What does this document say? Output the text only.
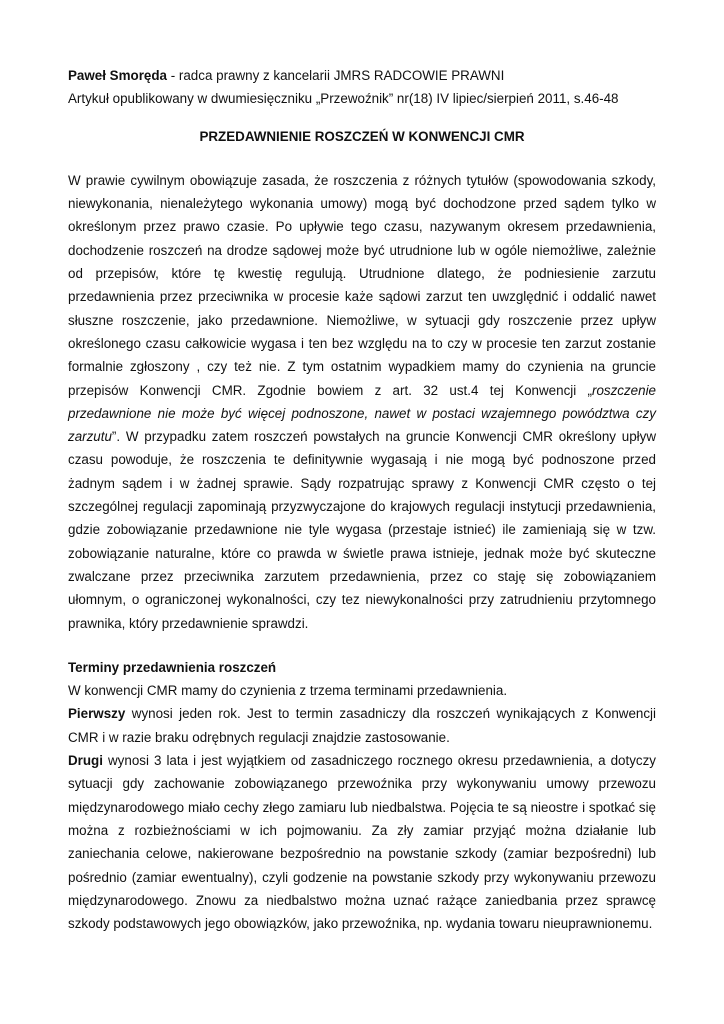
Paweł Smoręda - radca prawny z kancelarii JMRS RADCOWIE PRAWNI

Artykuł opublikowany w dwumiesięczniku „Przewoźnik” nr(18) IV lipiec/sierpień 2011, s.46-48

PRZEDAWNIENIE ROSZCZEŃ W KONWENCJI CMR

W prawie cywilnym obowiązuje zasada, że roszczenia z różnych tytułów (spowodowania szkody, niewykonania, nienależytego wykonania umowy) mogą być dochodzone przed sądem tylko w określonym przez prawo czasie. Po upływie tego czasu, nazywanym okresem przedawnienia, dochodzenie roszczeń na drodze sądowej może być utrudnione lub w ogóle niemożliwe, zależnie od przepisów, które tę kwestię regulują. Utrudnione dlatego, że podniesienie zarzutu przedawnienia przez przeciwnika w procesie każe sądowi zarzut ten uwzględnić i oddalić nawet słuszne roszczenie, jako przedawnione. Niemożliwe, w sytuacji gdy roszczenie przez upływ określonego czasu całkowicie wygasa i ten bez względu na to czy w procesie ten zarzut zostanie formalnie zgłoszony , czy też nie. Z tym ostatnim wypadkiem mamy do czynienia na gruncie przepisów Konwencji CMR. Zgodnie bowiem z art. 32 ust.4 tej Konwencji „roszczenie przedawnione nie może być więcej podnoszone, nawet w postaci wzajemnego powództwa czy zarzutu”. W przypadku zatem roszczeń powstałych na gruncie Konwencji CMR określony upływ czasu powoduje, że roszczenia te definitywnie wygasają i nie mogą być podnoszone przed żadnym sądem i w żadnej sprawie. Sądy rozpatrując sprawy z Konwencji CMR często o tej szczególnej regulacji zapominają przyzwyczajone do krajowych regulacji instytucji przedawnienia, gdzie zobowiązanie przedawnione nie tyle wygasa (przestaje istnieć) ile zamieniają się w tzw. zobowiązanie naturalne, które co prawda w świetle prawa istnieje, jednak może być skuteczne zwalczane przez przeciwnika zarzutem przedawnienia, przez co staję się zobowiązaniem ułomnym, o ograniczonej wykonalności, czy tez niewykonalności przy zatrudnieniu przytomnego prawnika, który przedawnienie sprawdzi.

Terminy przedawnienia roszczeń

W konwencji CMR mamy do czynienia z trzema terminami przedawnienia.

Pierwszy wynosi jeden rok. Jest to termin zasadniczy dla roszczeń wynikających z Konwencji CMR i w razie braku odrębnych regulacji znajdzie zastosowanie.

Drugi wynosi 3 lata i jest wyjątkiem od zasadniczego rocznego okresu przedawnienia, a dotyczy sytuacji gdy zachowanie zobowiązanego przewoźnika przy wykonywaniu umowy przewozu międzynarodowego miało cechy złego zamiaru lub niedbalstwa. Pojęcia te są nieostre i spotkać się można z rozbieżnościami w ich pojmowaniu. Za zły zamiar przyjąć można działanie lub zaniechania celowe, nakierowane bezpośrednio na powstanie szkody (zamiar bezpośredni) lub pośrednio (zamiar ewentualny), czyli godzenie na powstanie szkody przy wykonywaniu przewozu międzynarodowego. Znowu za niedbalstwo można uznać rażące zaniedbania przez sprawcę szkody podstawowych jego obowiązków, jako przewoźnika, np. wydania towaru nieuprawnionemu.
